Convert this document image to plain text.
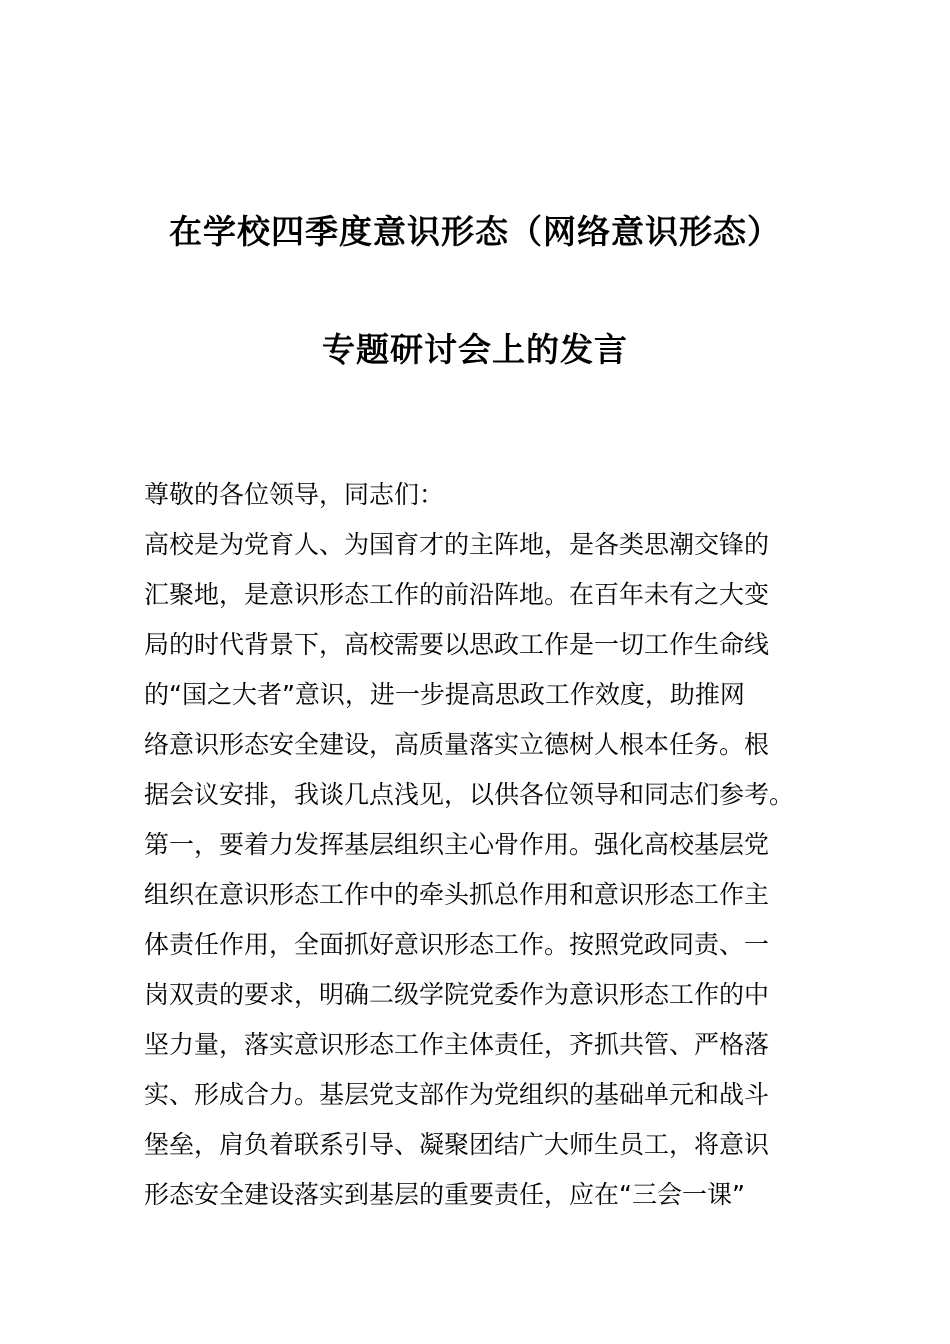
在学校四季度意识形态（网络意识形态）
专题研讨会上的发言
尊敬的各位领导，同志们：
高校是为党育人、为国育才的主阵地，是各类思潮交锋的
汇聚地，是意识形态工作的前沿阵地。在百年未有之大变
局的时代背景下，高校需要以思政工作是一切工作生命线
的“国之大者”意识，进一步提高思政工作效度，助推网
络意识形态安全建设，高质量落实立德树人根本任务。根
据会议安排，我谈几点浅见，以供各位领导和同志们参考。
第一，要着力发挥基层组织主心骨作用。强化高校基层党
组织在意识形态工作中的牵头抓总作用和意识形态工作主
体责任作用，全面抓好意识形态工作。按照党政同责、一
岗双责的要求，明确二级学院党委作为意识形态工作的中
坚力量，落实意识形态工作主体责任，齐抓共管、严格落
实、形成合力。基层党支部作为党组织的基础单元和战斗
堡垒，肩负着联系引导、凝聚团结广大师生员工，将意识
形态安全建设落实到基层的重要责任，应在“三会一课”
